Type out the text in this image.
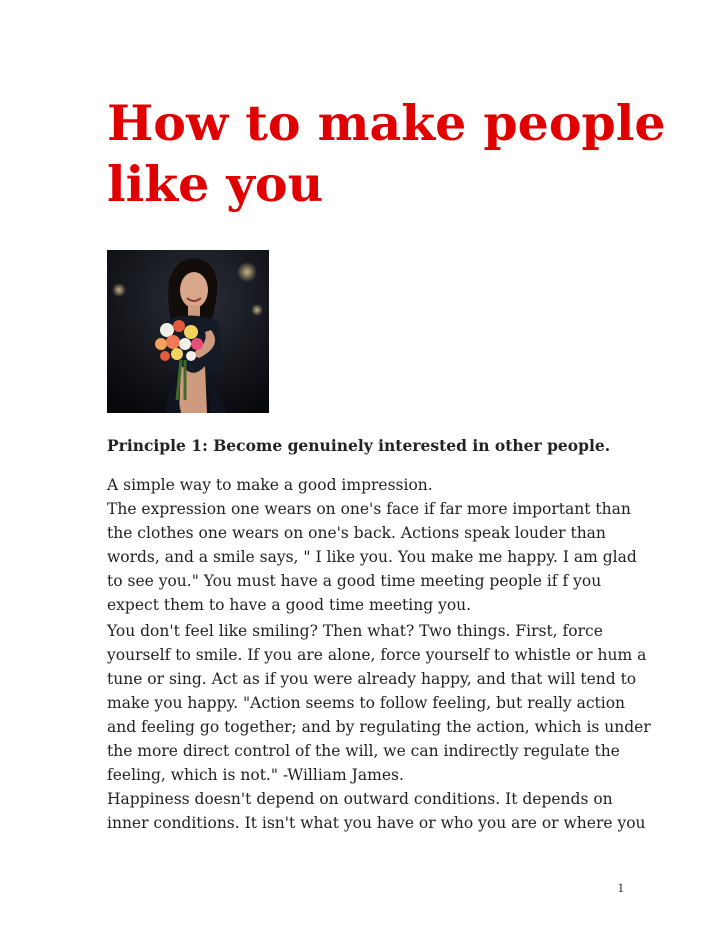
How to make people
like you

Principle 1: Become genuinely interested in other people.

A simple way to make a good impression.
The expression one wears on one's face if far more important than
the clothes one wears on one's back. Actions speak louder than
words, and a smile says, " I like you. You make me happy. I am glad
to see you." You must have a good time meeting people if f you
expect them to have a good time meeting you.

You don't feel like smiling? Then what? Two things. First, force
yourself to smile. If you are alone, force yourself to whistle or hum a
tune or sing. Act as if you were already happy, and that will tend to
make you happy. "Action seems to follow feeling, but really action
and feeling go together; and by regulating the action, which is under
the more direct control of the will, we can indirectly regulate the
feeling, which is not." -William James.

Happiness doesn't depend on outward conditions. It depends on
inner conditions. It isn't what you have or who you are or where you

1
